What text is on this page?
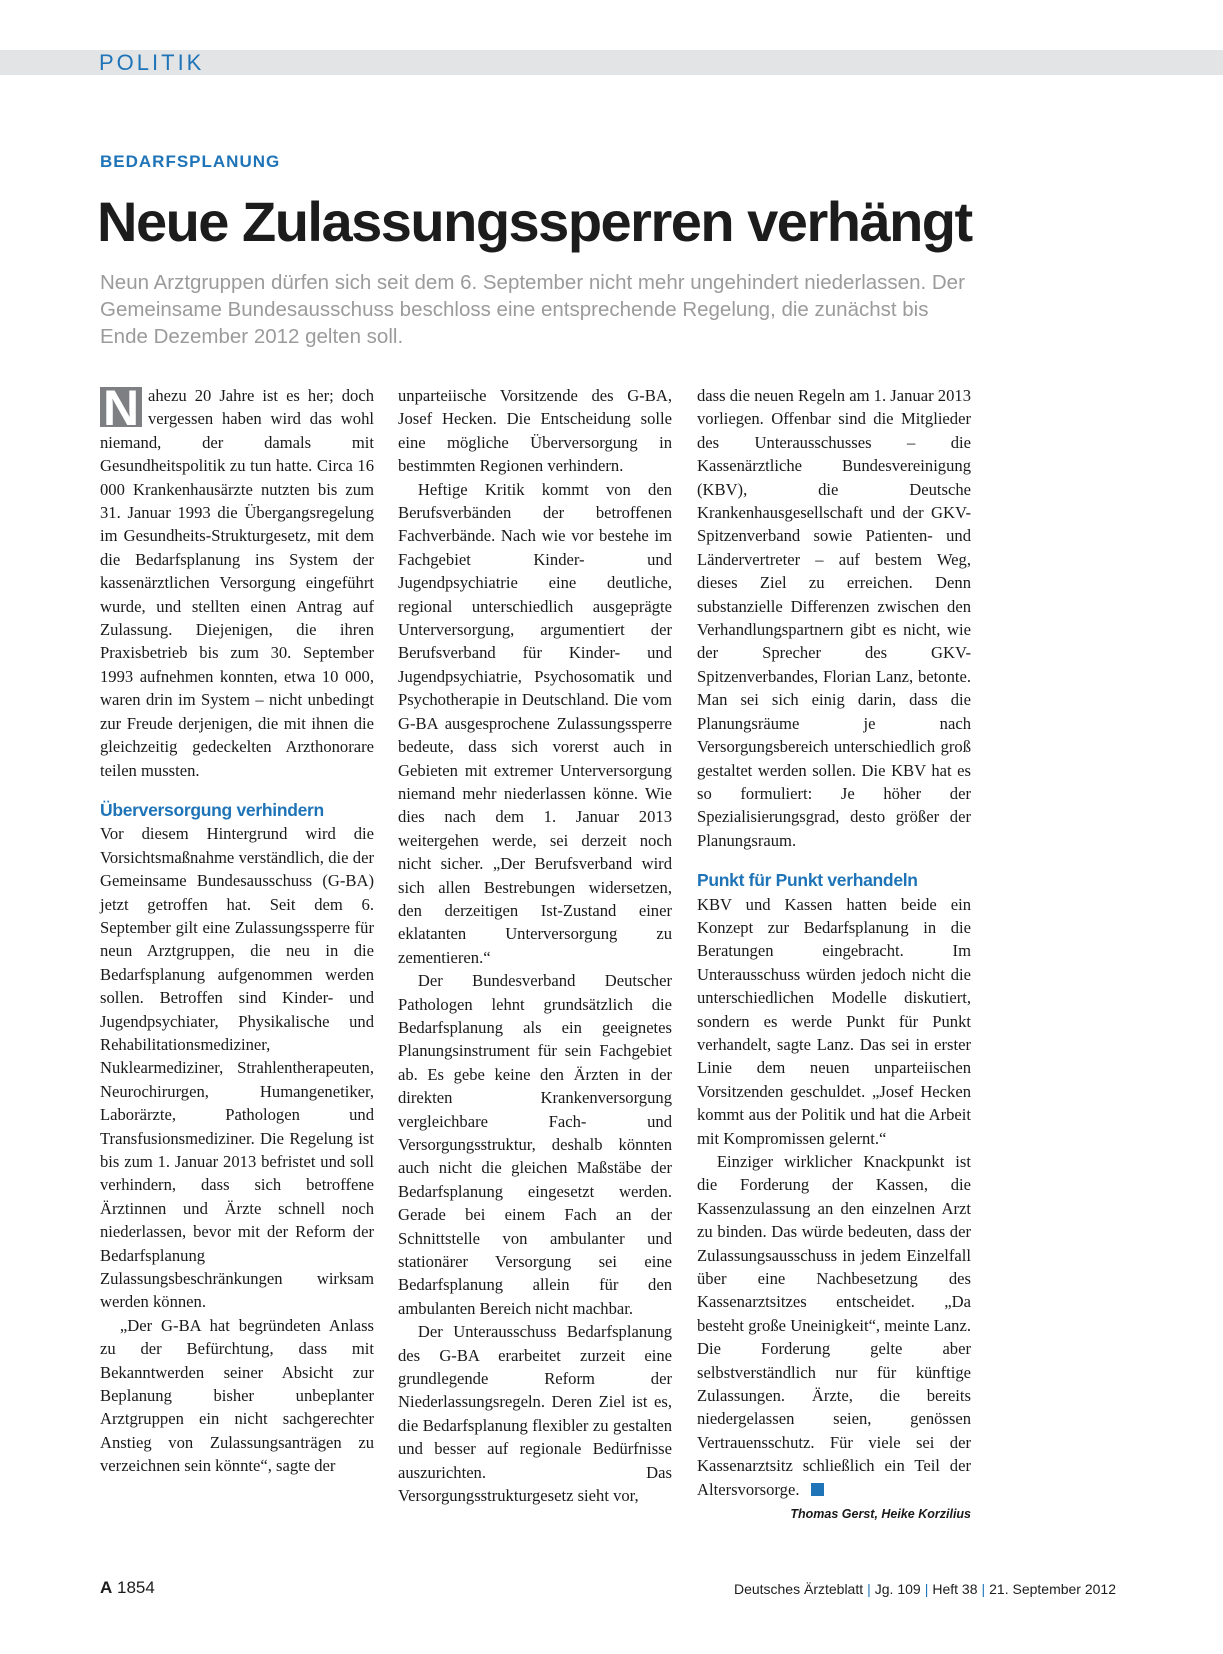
POLITIK
BEDARFSPLANUNG
Neue Zulassungssperren verhängt

Neun Arztgruppen dürfen sich seit dem 6. September nicht mehr ungehindert niederlassen. Der Gemeinsame Bundesausschuss beschloss eine entsprechende Regelung, die zunächst bis Ende Dezember 2012 gelten soll.

N ahezu 20 Jahre ist es her; doch vergessen haben wird das wohl niemand, der damals mit Gesundheitspolitik zu tun hatte. Circa 16 000 Krankenhausärzte nutzten bis zum 31. Januar 1993 die Übergangsregelung im Gesundheits-Strukturgesetz, mit dem die Bedarfsplanung ins System der kassenärztlichen Versorgung eingeführt wurde, und stellten einen Antrag auf Zulassung. Diejenigen, die ihren Praxisbetrieb bis zum 30. September 1993 aufnehmen konnten, etwa 10 000, waren drin im System – nicht unbedingt zur Freude derjenigen, die mit ihnen die gleichzeitig gedeckelten Arzthonorare teilen mussten.

Überversorgung verhindern

Vor diesem Hintergrund wird die Vorsichtsmaßnahme verständlich, die der Gemeinsame Bundesausschuss (G-BA) jetzt getroffen hat. Seit dem 6. September gilt eine Zulassungssperre für neun Arztgruppen, die neu in die Bedarfsplanung aufgenommen werden sollen. Betroffen sind Kinder- und Jugendpsychiater, Physikalische und Rehabilitationsmediziner, Nuklearmediziner, Strahlentherapeuten, Neurochirurgen, Humangenetiker, Laborärzte, Pathologen und Transfusionsmediziner. Die Regelung ist bis zum 1. Januar 2013 befristet und soll verhindern, dass sich betroffene Ärztinnen und Ärzte schnell noch niederlassen, bevor mit der Reform der Bedarfsplanung Zulassungsbeschränkungen wirksam werden können.

„Der G-BA hat begründeten Anlass zu der Befürchtung, dass mit Bekanntwerden seiner Absicht zur Beplanung bisher unbeplanter Arztgruppen ein nicht sachgerechter Anstieg von Zulassungsanträgen zu verzeichnen sein könnte“, sagte der

unparteiische Vorsitzende des G-BA, Josef Hecken. Die Entscheidung solle eine mögliche Überversorgung in bestimmten Regionen verhindern.

Heftige Kritik kommt von den Berufsverbänden der betroffenen Fachverbände. Nach wie vor bestehe im Fachgebiet Kinder- und Jugendpsychiatrie eine deutliche, regional unterschiedlich ausgeprägte Unterversorgung, argumentiert der Berufsverband für Kinder- und Jugendpsychiatrie, Psychosomatik und Psychotherapie in Deutschland. Die vom G-BA ausgesprochene Zulassungssperre bedeute, dass sich vorerst auch in Gebieten mit extremer Unterversorgung niemand mehr niederlassen könne. Wie dies nach dem 1. Januar 2013 weitergehen werde, sei derzeit noch nicht sicher. „Der Berufsverband wird sich allen Bestrebungen widersetzen, den derzeitigen Ist-Zustand einer eklatanten Unterversorgung zu zementieren.“

Der Bundesverband Deutscher Pathologen lehnt grundsätzlich die Bedarfsplanung als ein geeignetes Planungsinstrument für sein Fachgebiet ab. Es gebe keine den Ärzten in der direkten Krankenversorgung vergleichbare Fach- und Versorgungsstruktur, deshalb könnten auch nicht die gleichen Maßstäbe der Bedarfsplanung eingesetzt werden. Gerade bei einem Fach an der Schnittstelle von ambulanter und stationärer Versorgung sei eine Bedarfsplanung allein für den ambulanten Bereich nicht machbar.

Der Unterausschuss Bedarfsplanung des G-BA erarbeitet zurzeit eine grundlegende Reform der Niederlassungsregeln. Deren Ziel ist es, die Bedarfsplanung flexibler zu gestalten und besser auf regionale Bedürfnisse auszurichten. Das Versorgungsstrukturgesetz sieht vor,

dass die neuen Regeln am 1. Januar 2013 vorliegen. Offenbar sind die Mitglieder des Unterausschusses – die Kassenärztliche Bundesvereinigung (KBV), die Deutsche Krankenhausgesellschaft und der GKV-Spitzenverband sowie Patienten- und Ländervertreter – auf bestem Weg, dieses Ziel zu erreichen. Denn substanzielle Differenzen zwischen den Verhandlungspartnern gibt es nicht, wie der Sprecher des GKV-Spitzenverbandes, Florian Lanz, betonte. Man sei sich einig darin, dass die Planungsräume je nach Versorgungsbereich unterschiedlich groß gestaltet werden sollen. Die KBV hat es so formuliert: Je höher der Spezialisierungsgrad, desto größer der Planungsraum.

Punkt für Punkt verhandeln

KBV und Kassen hatten beide ein Konzept zur Bedarfsplanung in die Beratungen eingebracht. Im Unterausschuss würden jedoch nicht die unterschiedlichen Modelle diskutiert, sondern es werde Punkt für Punkt verhandelt, sagte Lanz. Das sei in erster Linie dem neuen unparteiischen Vorsitzenden geschuldet. „Josef Hecken kommt aus der Politik und hat die Arbeit mit Kompromissen gelernt.“

Einziger wirklicher Knackpunkt ist die Forderung der Kassen, die Kassenzulassung an den einzelnen Arzt zu binden. Das würde bedeuten, dass der Zulassungsausschuss in jedem Einzelfall über eine Nachbesetzung des Kassenarztsitzes entscheidet. „Da besteht große Uneinigkeit“, meinte Lanz. Die Forderung gelte aber selbstverständlich nur für künftige Zulassungen. Ärzte, die bereits niedergelassen seien, genössen Vertrauensschutz. Für viele sei der Kassenarztsitz schließlich ein Teil der Altersvorsorge.

Thomas Gerst, Heike Korzilius
A 1854	Deutsches Ärzteblatt | Jg. 109 | Heft 38 | 21. September 2012
